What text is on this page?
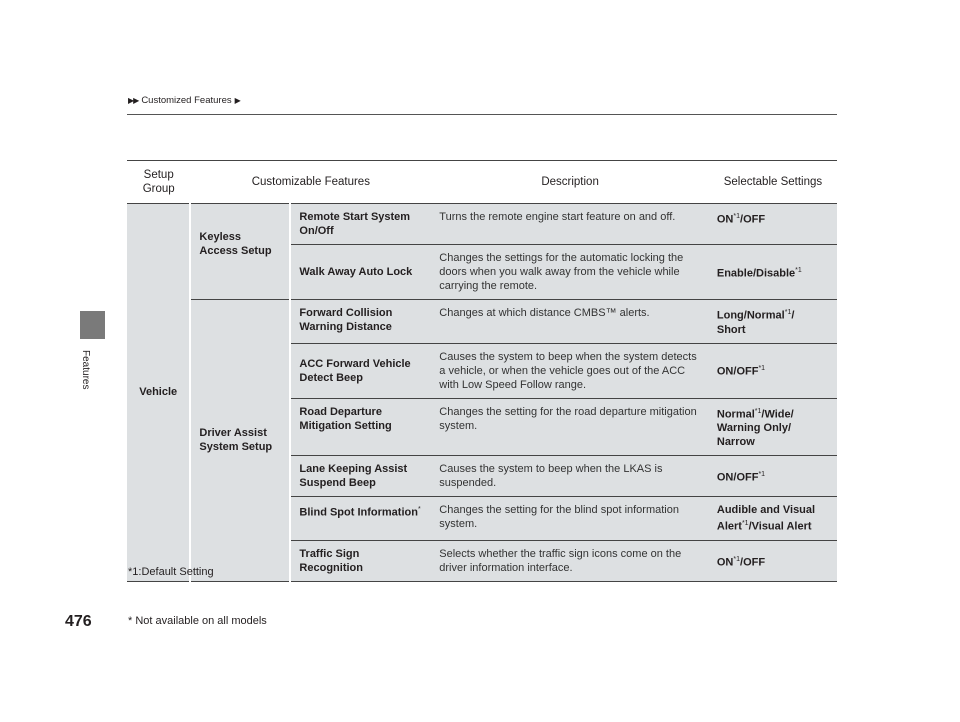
▶▶ Customized Features ▶
Features
Setup
Group	Customizable Features		Description	Selectable Settings
Vehicle	Keyless Access Setup	Remote Start System On/Off	Turns the remote engine start feature on and off.	ON$^{*1}$/OFF
		Walk Away Auto Lock	Changes the settings for the automatic locking the doors when you walk away from the vehicle while carrying the remote.	Enable/Disable$^{*1}$
	Driver Assist System Setup	Forward Collision Warning Distance	Changes at which distance CMBS™ alerts.	Long/Normal$^{*1}$/
Short
		ACC Forward Vehicle Detect Beep	Causes the system to beep when the system detects a vehicle, or when the vehicle goes out of the ACC with Low Speed Follow range.	ON/OFF$^{*1}$
		Road Departure Mitigation Setting	Changes the setting for the road departure mitigation system.	Normal$^{*1}$/Wide/
Warning Only/
Narrow
		Lane Keeping Assist Suspend Beep	Causes the system to beep when the LKAS is suspended.	ON/OFF$^{*1}$
		Blind Spot Information*	Changes the setting for the blind spot information system.	Audible and Visual Alert$^{*1}$/Visual Alert
		Traffic Sign Recognition	Selects whether the traffic sign icons come on the driver information interface.	ON$^{*1}$/OFF
*1:Default Setting
476	* Not available on all models
